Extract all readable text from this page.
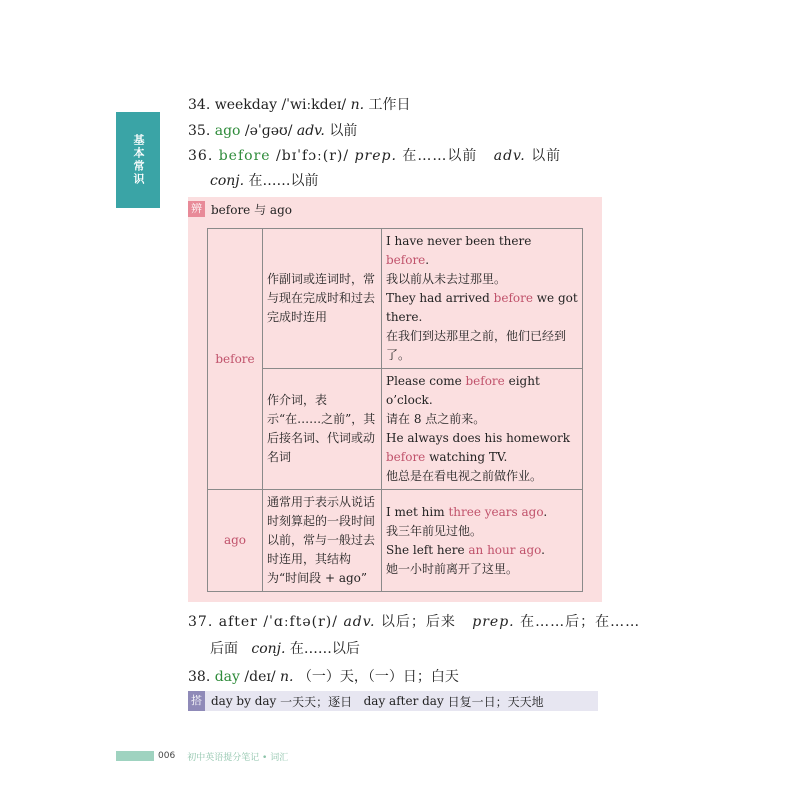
基本常识
34. weekday /ˈwiːkdeɪ/ n. 工作日
35. ago /əˈɡəʊ/ adv. 以前
36. before /bɪˈfɔː(r)/ prep. 在……以前 adv. 以前
conj. 在……以前
辨 before 与 ago
before	作副词或连词时，常与现在完成时和过去完成时连用	I have never been there before.
我以前从未去过那里。
They had arrived before we got there.
在我们到达那里之前，他们已经到了。

	作介词，表示“在……之前”，其后接名词、代词或动名词	Please come before eight o’clock.
请在 8 点之前来。
He always does his homework before watching TV.
他总是在看电视之前做作业。

ago	通常用于表示从说话时刻算起的一段时间以前，常与一般过去时连用，其结构为“时间段 + ago”	I met him three years ago.
我三年前见过他。
She left here an hour ago.
她一小时前离开了这里。
37. after /ˈɑːftə(r)/ adv. 以后；后来 prep. 在……后；在……
后面 conj. 在……以后
38. day /deɪ/ n. （一）天，（一）日；白天
搭 day by day
一天天；逐日
day after day
日复一日；天天地
006 初中英语提分笔记 • 词汇
